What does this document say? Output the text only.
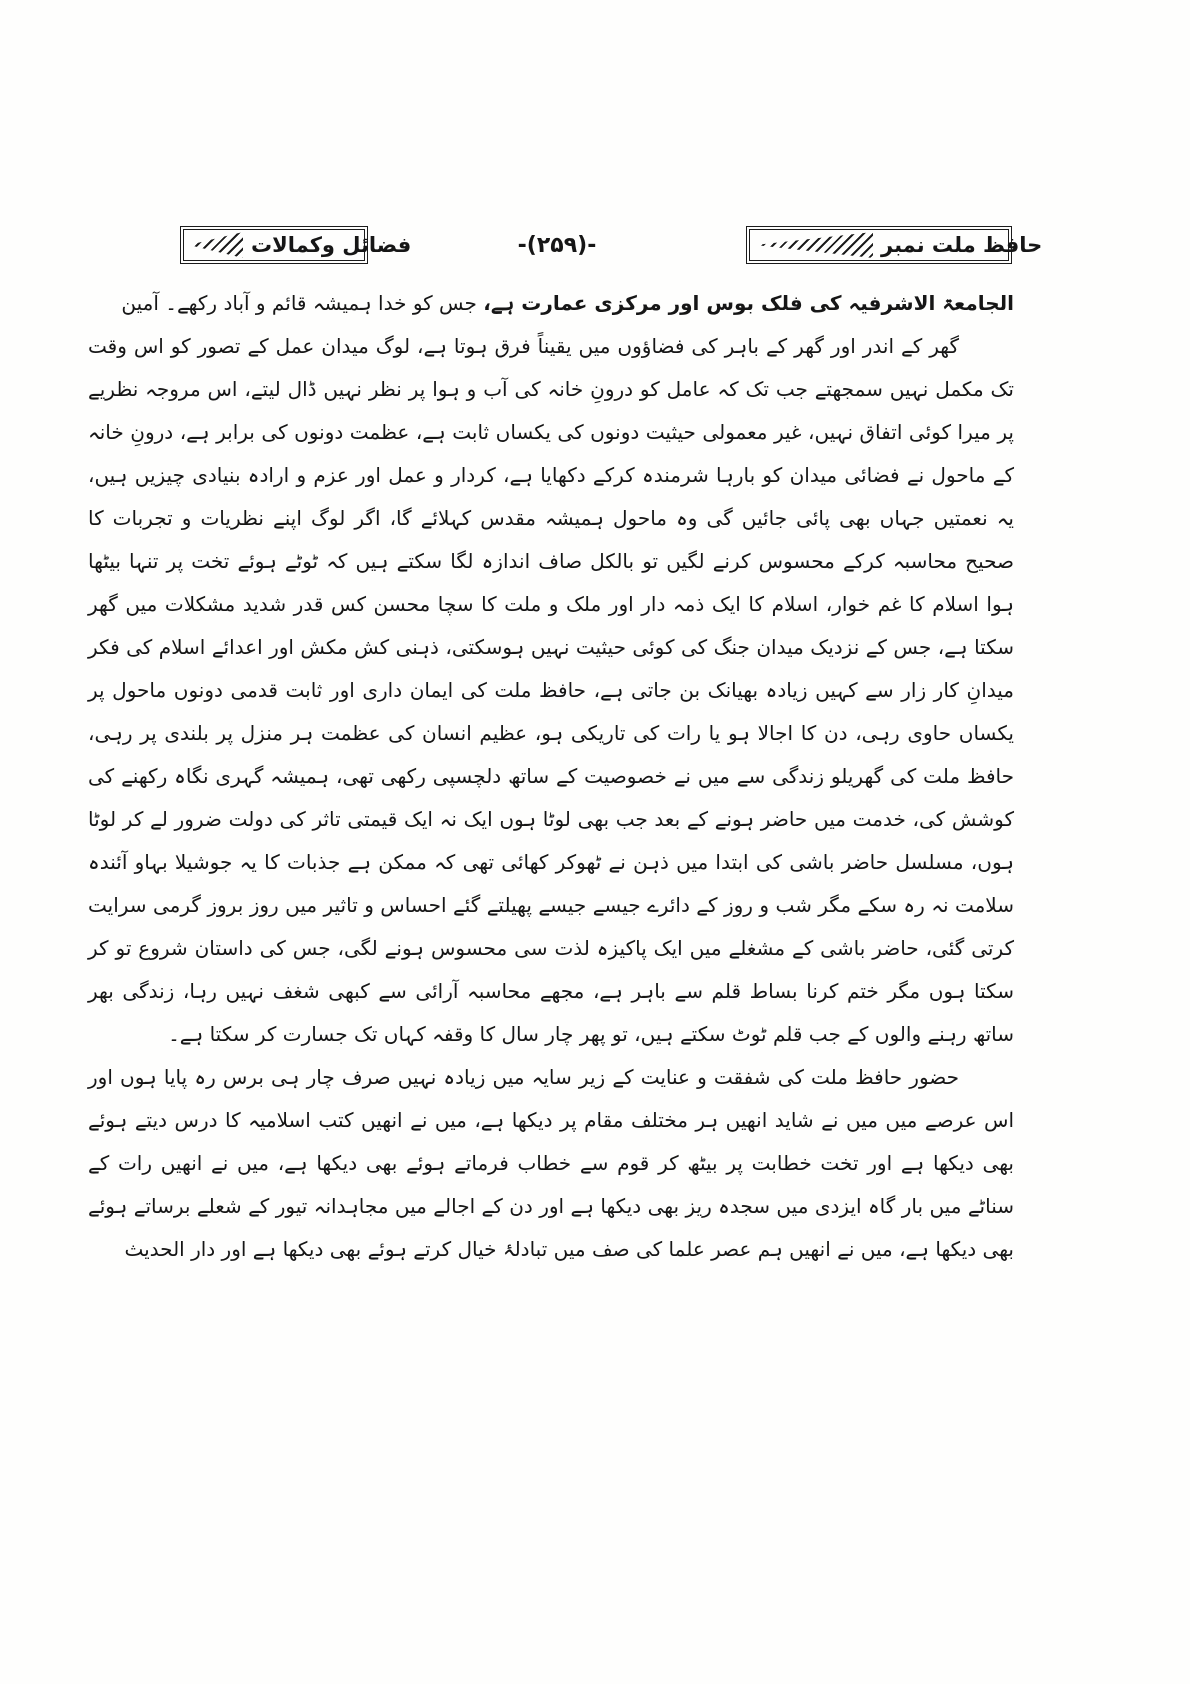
فضائل وکمالات	-(۲۵۹)-	حافظ ملت نمبر

الجامعۃ الاشرفیہ کی فلک بوس اور مرکزی عمارت ہے، جس کو خدا ہمیشہ قائم و آباد رکھے۔ آمین

گھر کے اندر اور گھر کے باہر کی فضاؤوں میں یقیناً فرق ہوتا ہے، لوگ میدان عمل کے تصور کو اس وقت تک مکمل نہیں سمجھتے جب تک کہ عامل کو درونِ خانہ کی آب و ہوا پر نظر نہیں ڈال لیتے، اس مروجہ نظریے پر میرا کوئی اتفاق نہیں، غیر معمولی حیثیت دونوں کی یکساں ثابت ہے، عظمت دونوں کی برابر ہے، درونِ خانہ کے ماحول نے فضائی میدان کو بارہا شرمندہ کرکے دکھایا ہے، کردار و عمل اور عزم و ارادہ بنیادی چیزیں ہیں، یہ نعمتیں جہاں بھی پائی جائیں گی وہ ماحول ہمیشہ مقدس کہلائے گا، اگر لوگ اپنے نظریات و تجربات کا صحیح محاسبہ کرکے محسوس کرنے لگیں تو بالکل صاف اندازہ لگا سکتے ہیں کہ ٹوٹے ہوئے تخت پر تنہا بیٹھا ہوا اسلام کا غم خوار، اسلام کا ایک ذمہ دار اور ملک و ملت کا سچا محسن کس قدر شدید مشکلات میں گھر سکتا ہے، جس کے نزدیک میدان جنگ کی کوئی حیثیت نہیں ہوسکتی، ذہنی کش مکش اور اعدائے اسلام کی فکر میدانِ کار زار سے کہیں زیادہ بھیانک بن جاتی ہے، حافظ ملت کی ایمان داری اور ثابت قدمی دونوں ماحول پر یکساں حاوی رہی، دن کا اجالا ہو یا رات کی تاریکی ہو، عظیم انسان کی عظمت ہر منزل پر بلندی پر رہی، حافظ ملت کی گھریلو زندگی سے میں نے خصوصیت کے ساتھ دلچسپی رکھی تھی، ہمیشہ گہری نگاہ رکھنے کی کوشش کی، خدمت میں حاضر ہونے کے بعد جب بھی لوٹا ہوں ایک نہ ایک قیمتی تاثر کی دولت ضرور لے کر لوٹا ہوں، مسلسل حاضر باشی کی ابتدا میں ذہن نے ٹھوکر کھائی تھی کہ ممکن ہے جذبات کا یہ جوشیلا بہاو آئندہ سلامت نہ رہ سکے مگر شب و روز کے دائرے جیسے جیسے پھیلتے گئے احساس و تاثیر میں روز بروز گرمی سرایت کرتی گئی، حاضر باشی کے مشغلے میں ایک پاکیزہ لذت سی محسوس ہونے لگی، جس کی داستان شروع تو کر سکتا ہوں مگر ختم کرنا بساط قلم سے باہر ہے، مجھے محاسبہ آرائی سے کبھی شغف نہیں رہا، زندگی بھر ساتھ رہنے والوں کے جب قلم ٹوٹ سکتے ہیں، تو پھر چار سال کا وقفہ کہاں تک جسارت کر سکتا ہے۔

حضور حافظ ملت کی شفقت و عنایت کے زیر سایہ میں زیادہ نہیں صرف چار ہی برس رہ پایا ہوں اور اس عرصے میں میں نے شاید انھیں ہر مختلف مقام پر دیکھا ہے، میں نے انھیں کتب اسلامیہ کا درس دیتے ہوئے بھی دیکھا ہے اور تخت خطابت پر بیٹھ کر قوم سے خطاب فرماتے ہوئے بھی دیکھا ہے، میں نے انھیں رات کے سناٹے میں بار گاہ ایزدی میں سجدہ ریز بھی دیکھا ہے اور دن کے اجالے میں مجاہدانہ تیور کے شعلے برساتے ہوئے بھی دیکھا ہے، میں نے انھیں ہم عصر علما کی صف میں تبادلۂ خیال کرتے ہوئے بھی دیکھا ہے اور دار الحدیث
